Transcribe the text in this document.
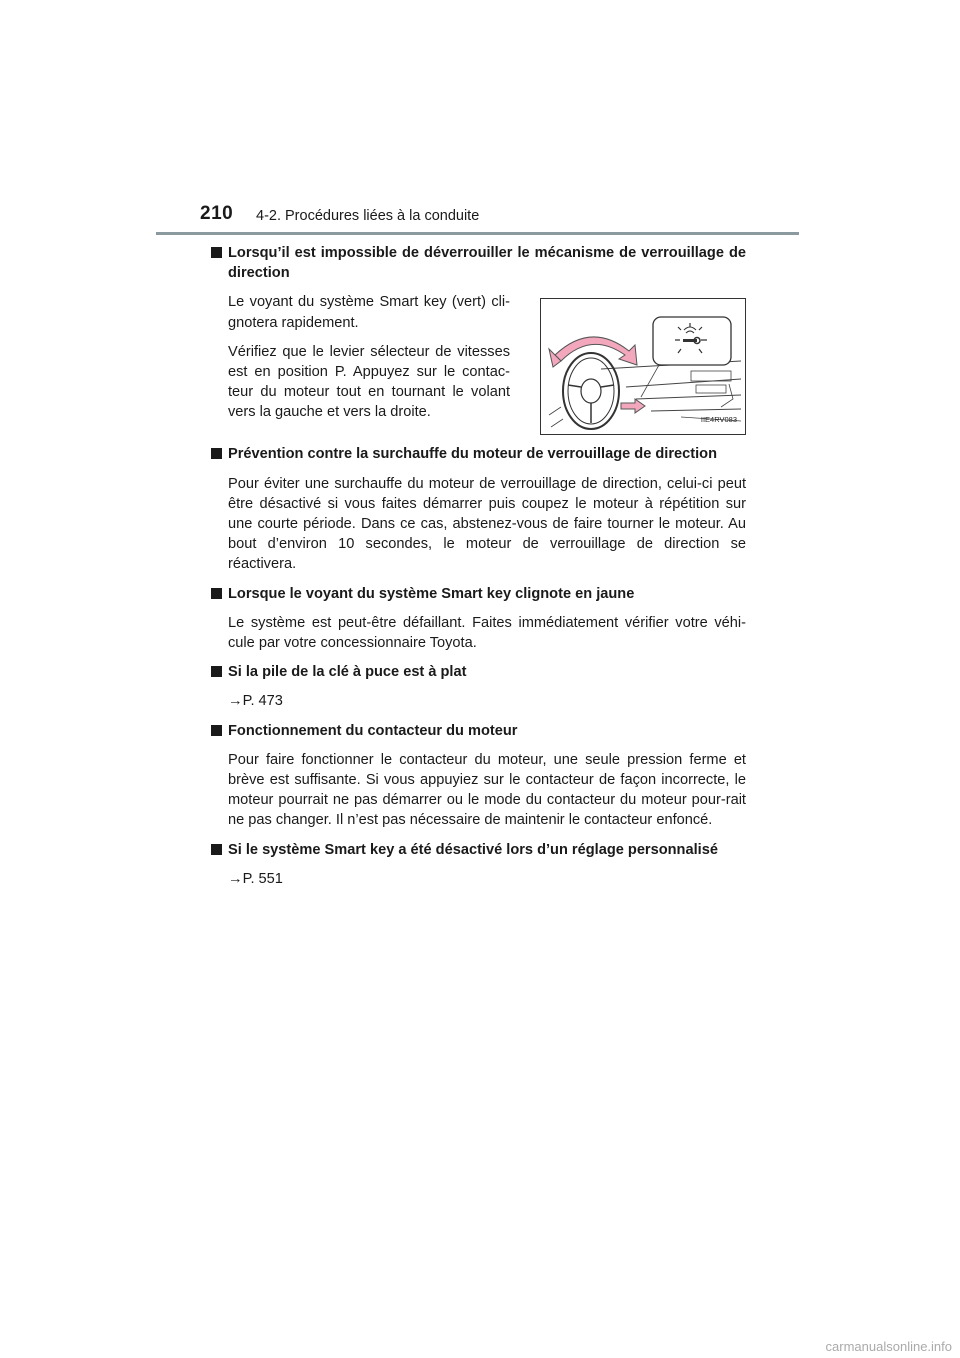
210 4-2. Procédures liées à la conduite
Lorsqu’il est impossible de déverrouiller le mécanisme de verrouillage de direction

Le voyant du système Smart key (vert) cli-gnotera rapidement.

Vérifiez que le levier sélecteur de vitesses est en position P. Appuyez sur le contac-teur du moteur tout en tournant le volant vers la gauche et vers la droite.	IIE4RV083
Prévention contre la surchauffe du moteur de verrouillage de direction

Pour éviter une surchauffe du moteur de verrouillage de direction, celui-ci peut être désactivé si vous faites démarrer puis coupez le moteur à répétition sur une courte période. Dans ce cas, abstenez-vous de faire tourner le moteur. Au bout d’environ 10 secondes, le moteur de verrouillage de direction se réactivera.

Lorsque le voyant du système Smart key clignote en jaune

Le système est peut-être défaillant. Faites immédiatement vérifier votre véhi-cule par votre concessionnaire Toyota.

Si la pile de la clé à puce est à plat

→P. 473

Fonctionnement du contacteur du moteur

Pour faire fonctionner le contacteur du moteur, une seule pression ferme et brève est suffisante. Si vous appuyiez sur le contacteur de façon incorrecte, le moteur pourrait ne pas démarrer ou le mode du contacteur du moteur pour-rait ne pas changer. Il n’est pas nécessaire de maintenir le contacteur enfoncé.

Si le système Smart key a été désactivé lors d’un réglage personnalisé

→P. 551

carmanualsonline.info
